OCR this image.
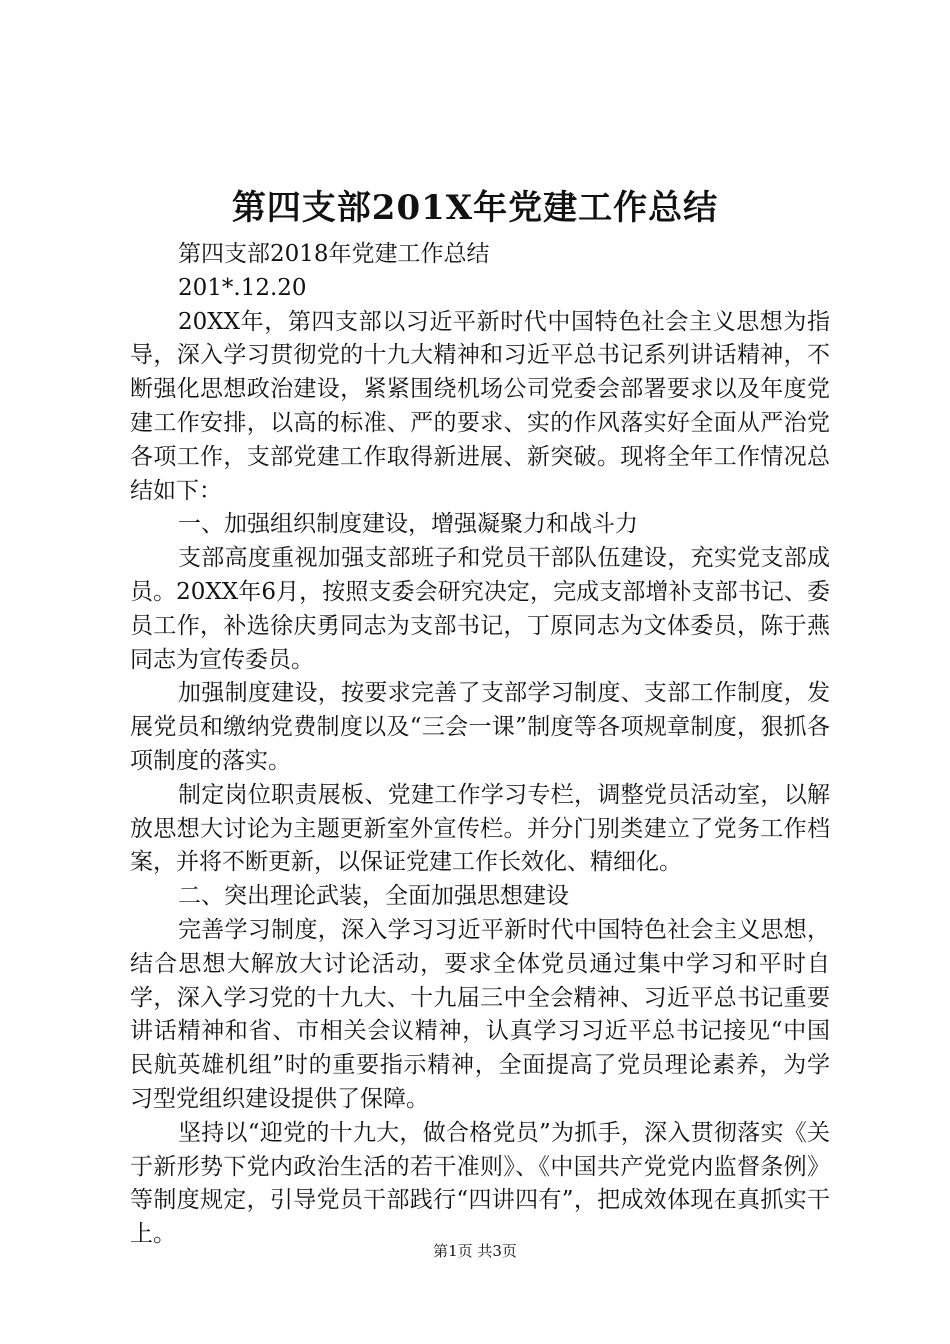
第四支部201X年党建工作总结

第四支部2018年党建工作总结

201*.12.20

20XX年，第四支部以习近平新时代中国特色社会主义思想为指导，深入学习贯彻党的十九大精神和习近平总书记系列讲话精神，不断强化思想政治建设，紧紧围绕机场公司党委会部署要求以及年度党建工作安排，以高的标准、严的要求、实的作风落实好全面从严治党各项工作，支部党建工作取得新进展、新突破。现将全年工作情况总结如下：

一、加强组织制度建设，增强凝聚力和战斗力

支部高度重视加强支部班子和党员干部队伍建设，充实党支部成员。20XX年6月，按照支委会研究决定，完成支部增补支部书记、委员工作，补选徐庆勇同志为支部书记，丁原同志为文体委员，陈于燕同志为宣传委员。

加强制度建设，按要求完善了支部学习制度、支部工作制度，发展党员和缴纳党费制度以及“三会一课”制度等各项规章制度，狠抓各项制度的落实。

制定岗位职责展板、党建工作学习专栏，调整党员活动室，以解放思想大讨论为主题更新室外宣传栏。并分门别类建立了党务工作档案，并将不断更新，以保证党建工作长效化、精细化。

二、突出理论武装，全面加强思想建设

完善学习制度，深入学习习近平新时代中国特色社会主义思想，结合思想大解放大讨论活动，要求全体党员通过集中学习和平时自学，深入学习党的十九大、十九届三中全会精神、习近平总书记重要讲话精神和省、市相关会议精神，认真学习习近平总书记接见“中国民航英雄机组”时的重要指示精神，全面提高了党员理论素养，为学习型党组织建设提供了保障。

坚持以“迎党的十九大，做合格党员”为抓手，深入贯彻落实《关于新形势下党内政治生活的若干准则》、《中国共产党党内监督条例》等制度规定，引导党员干部践行“四讲四有”，把成效体现在真抓实干上。

第1页 共3页
